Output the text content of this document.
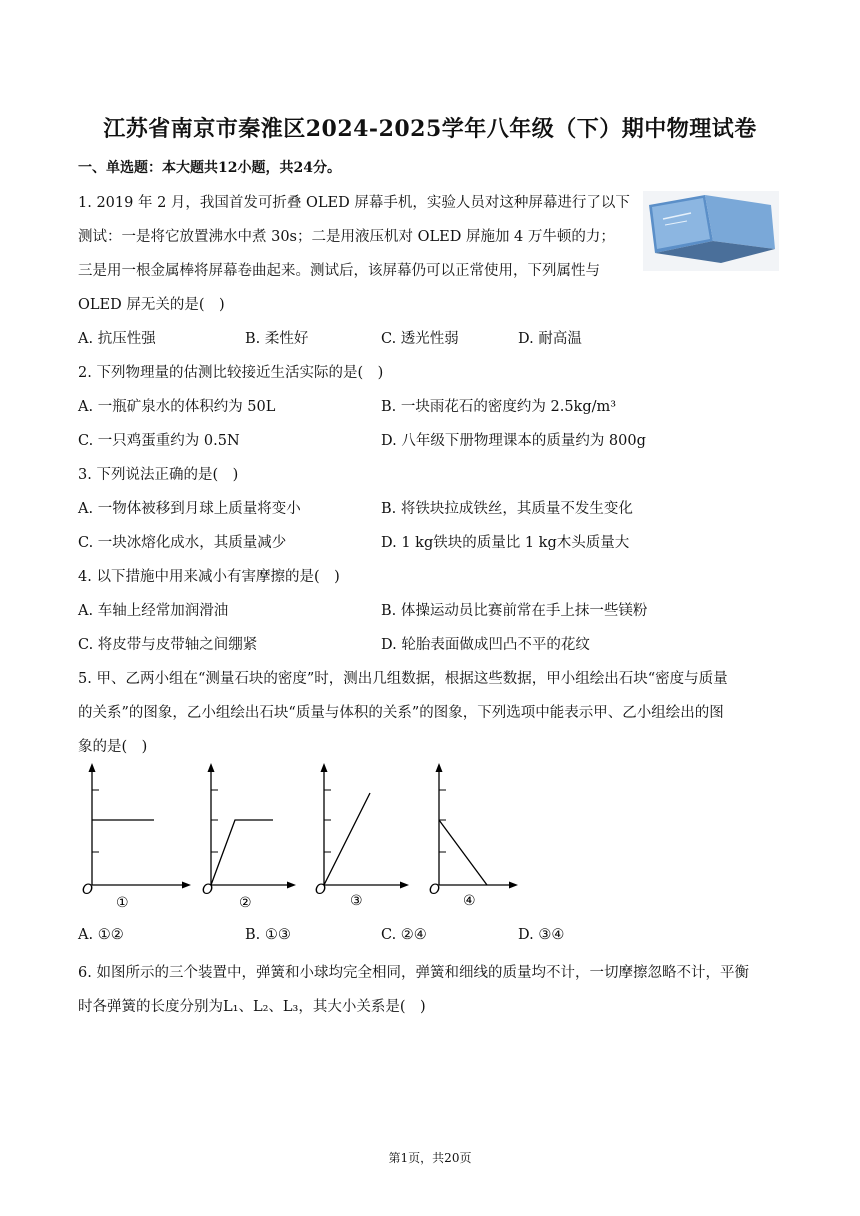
江苏省南京市秦淮区2024-2025学年八年级（下）期中物理试卷
一、单选题：本大题共12小题，共24分。
1. 2019 年 2 月，我国首发可折叠 OLED 屏幕手机，实验人员对这种屏幕进行了以下
测试：一是将它放置沸水中煮 30s；二是用液压机对 OLED 屏施加 4 万牛顿的力；
三是用一根金属棒将屏幕卷曲起来。测试后，该屏幕仍可以正常使用，下列属性与
OLED 屏无关的是(　)
A. 抗压性强	B. 柔性好	C. 透光性弱	D. 耐高温
2. 下列物理量的估测比较接近生活实际的是(　)
A. 一瓶矿泉水的体积约为 50L	B. 一块雨花石的密度约为 2.5kg/m³
C. 一只鸡蛋重约为 0.5N	D. 八年级下册物理课本的质量约为 800g
3. 下列说法正确的是(　)
A. 一物体被移到月球上质量将变小	B. 将铁块拉成铁丝，其质量不发生变化
C. 一块冰熔化成水，其质量减少	D. 1 kg铁块的质量比 1 kg木头质量大
4. 以下措施中用来减小有害摩擦的是(　)
A. 车轴上经常加润滑油	B. 体操运动员比赛前常在手上抹一些镁粉
C. 将皮带与皮带轴之间绷紧	D. 轮胎表面做成凹凸不平的花纹
5. 甲、乙两小组在“测量石块的密度”时，测出几组数据，根据这些数据，甲小组绘出石块“密度与质量
的关系”的图象，乙小组绘出石块“质量与体积的关系”的图象，下列选项中能表示甲、乙小组绘出的图
象的是(　)
O
①
O
②
O
③
O
④
A. ①②	B. ①③	C. ②④	D. ③④
6. 如图所示的三个装置中，弹簧和小球均完全相同，弹簧和细线的质量均不计，一切摩擦忽略不计，平衡
时各弹簧的长度分别为L₁、L₂、L₃，其大小关系是(　)
第1页，共20页
